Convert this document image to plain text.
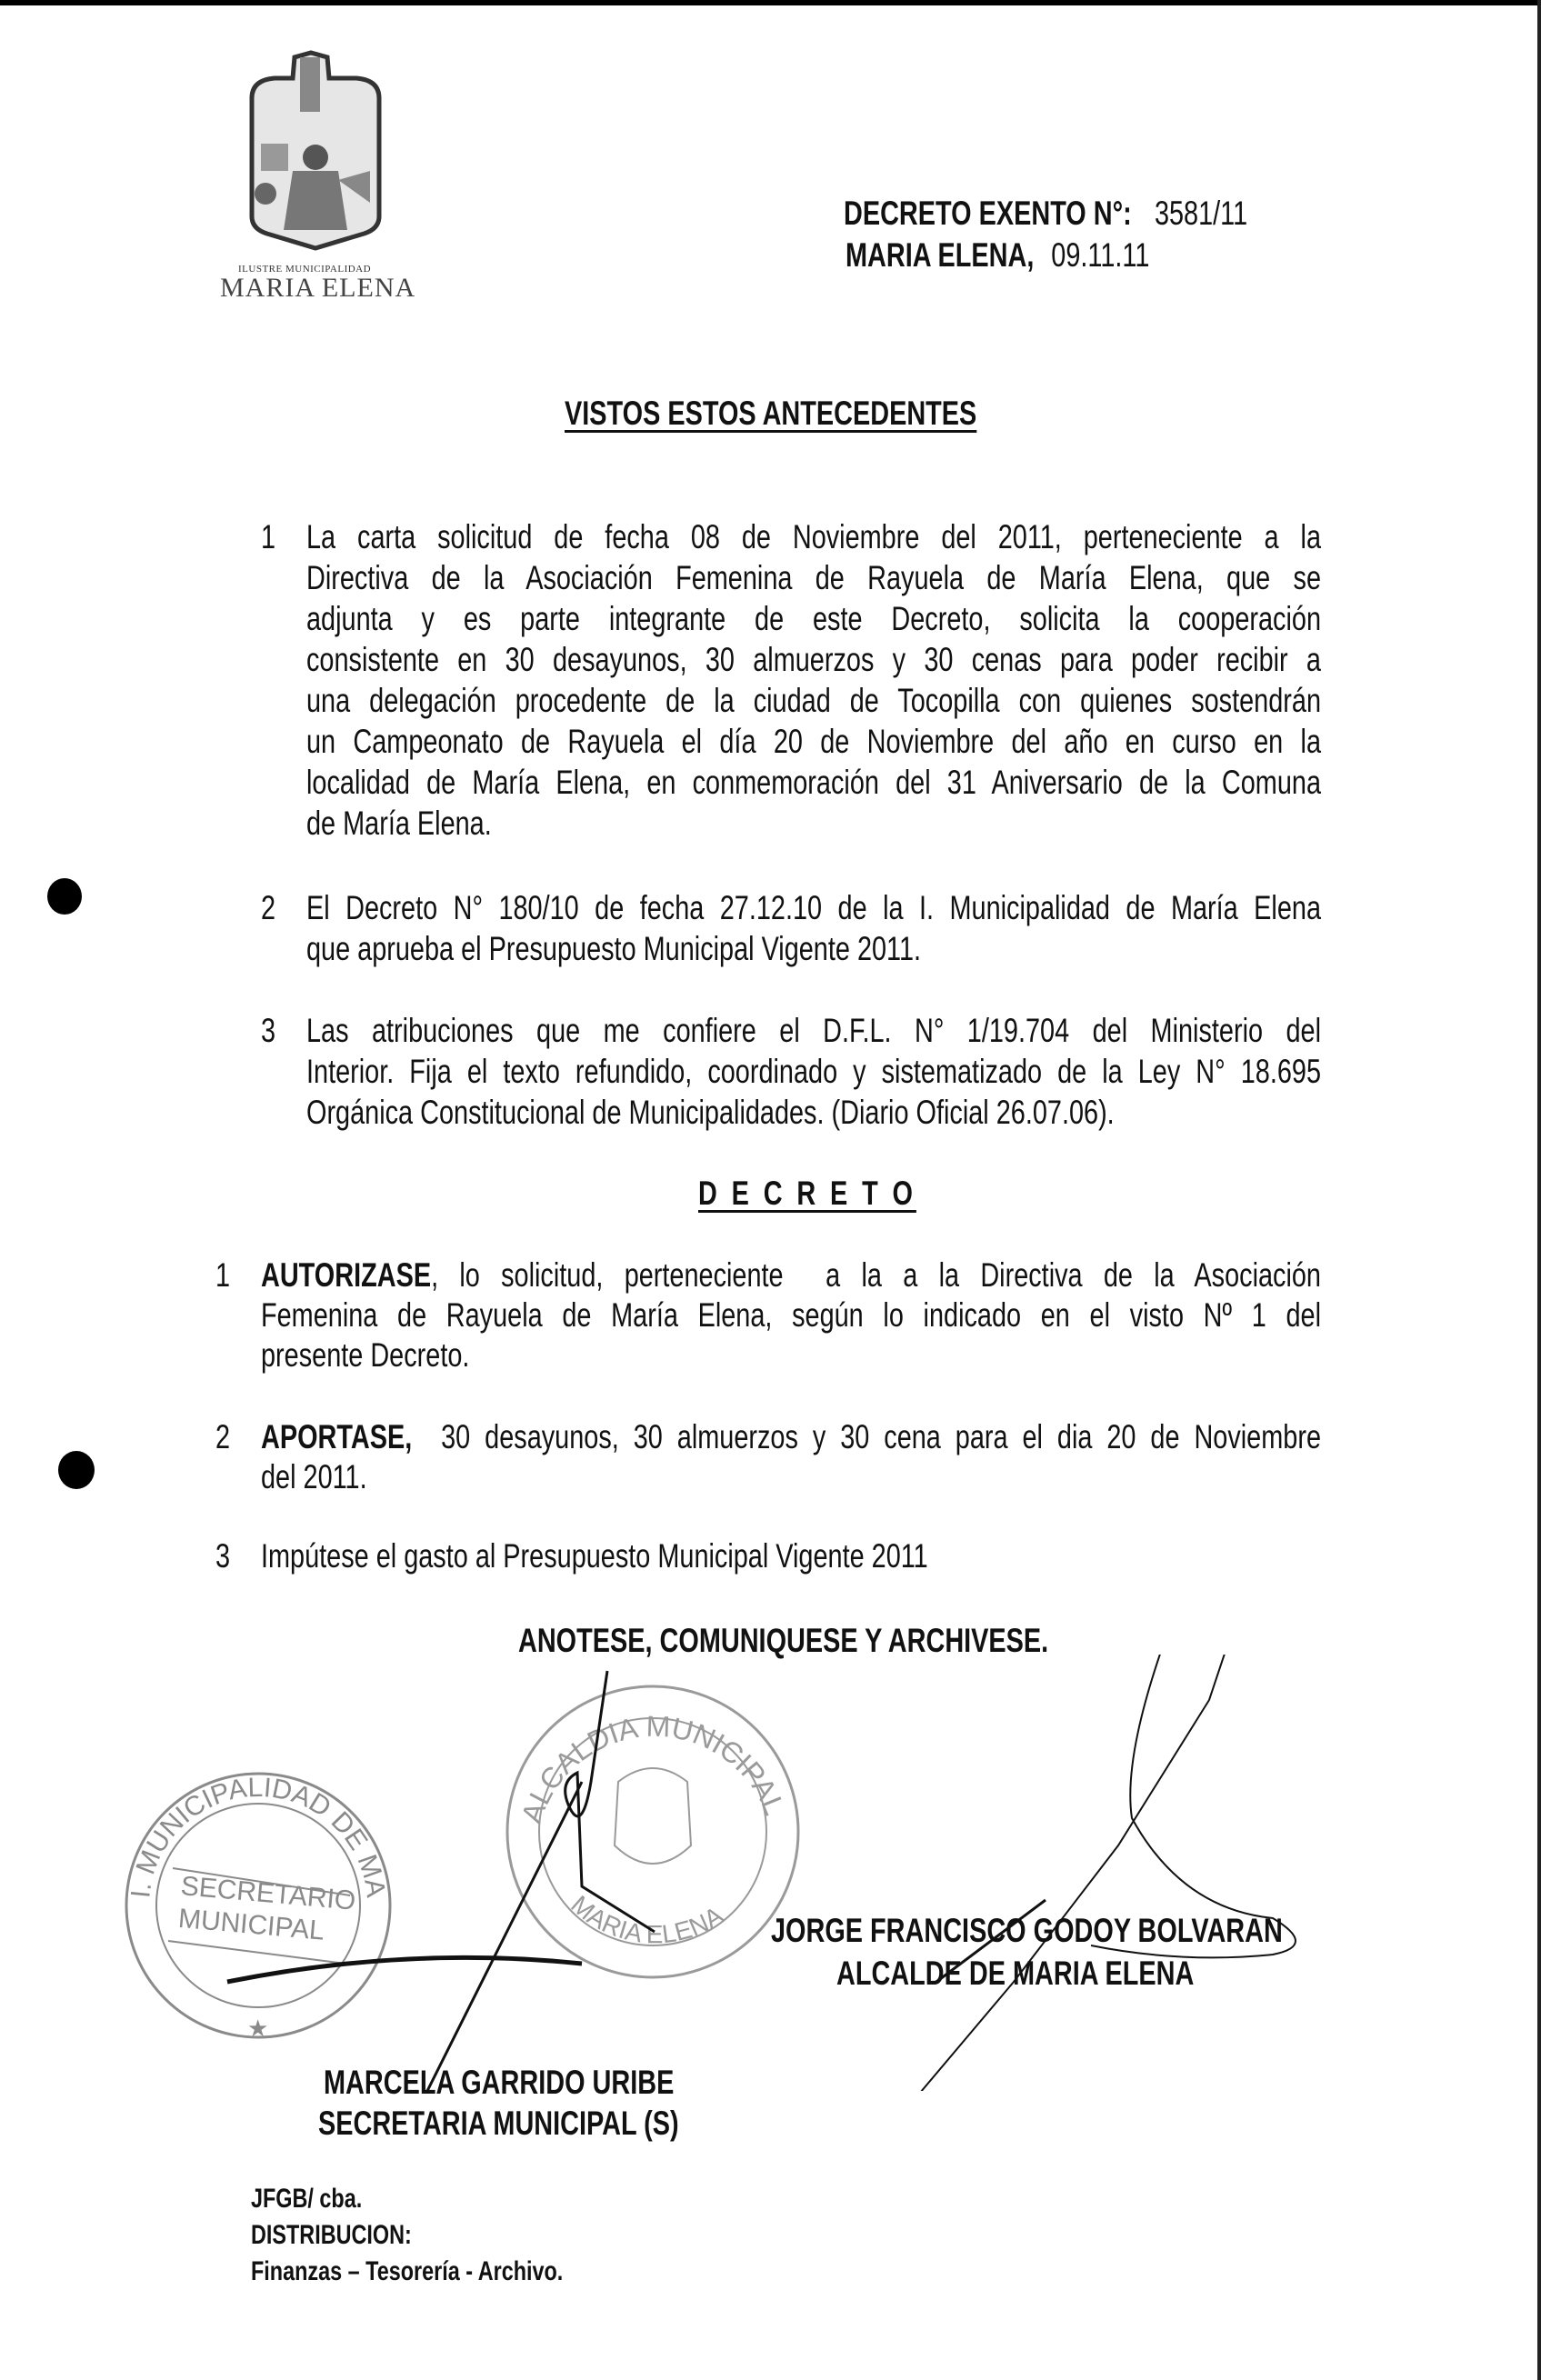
ILUSTRE MUNICIPALIDAD
MARIA ELENA
DECRETO EXENTO N°: 3581/11
MARIA ELENA, 09.11.11
VISTOS ESTOS ANTECEDENTES
1 La carta solicitud de fecha 08 de Noviembre del 2011, perteneciente a la
Directiva de la Asociación Femenina de Rayuela de María Elena, que se
adjunta y es parte integrante de este Decreto, solicita la cooperación
consistente en 30 desayunos, 30 almuerzos y 30 cenas para poder recibir a
una delegación procedente de la ciudad de Tocopilla con quienes sostendrán
un Campeonato de Rayuela el día 20 de Noviembre del año en curso en la
localidad de María Elena, en conmemoración del 31 Aniversario de la Comuna
de María Elena.
2 El Decreto N° 180/10 de fecha 27.12.10 de la I. Municipalidad de María Elena
que aprueba el Presupuesto Municipal Vigente 2011.
3 Las atribuciones que me confiere el D.F.L. N° 1/19.704 del Ministerio del
Interior. Fija el texto refundido, coordinado y sistematizado de la Ley N° 18.695
Orgánica Constitucional de Municipalidades. (Diario Oficial 26.07.06).
D E C R E T O
1 AUTORIZASE, lo solicitud, perteneciente  a la a la Directiva de la Asociación
Femenina de Rayuela de María Elena, según lo indicado en el visto Nº 1 del
presente Decreto.
2 APORTASE,  30 desayunos, 30 almuerzos y 30 cena para el dia 20 de Noviembre
del 2011.
3 Impútese el gasto al Presupuesto Municipal Vigente 2011
ANOTESE, COMUNIQUESE Y ARCHIVESE.
I. MUNICIPALIDAD DE MA
SECRETARIO
MUNICIPAL
★
ALCALDIA MUNICIPAL
MARIA ELENA JORGE FRANCISCO GODOY BOLVARAN
ALCALDE DE MARIA ELENA
MARCELA GARRIDO URIBE
SECRETARIA MUNICIPAL (S)
JFGB/ cba.
DISTRIBUCION:
Finanzas – Tesorería - Archivo.
